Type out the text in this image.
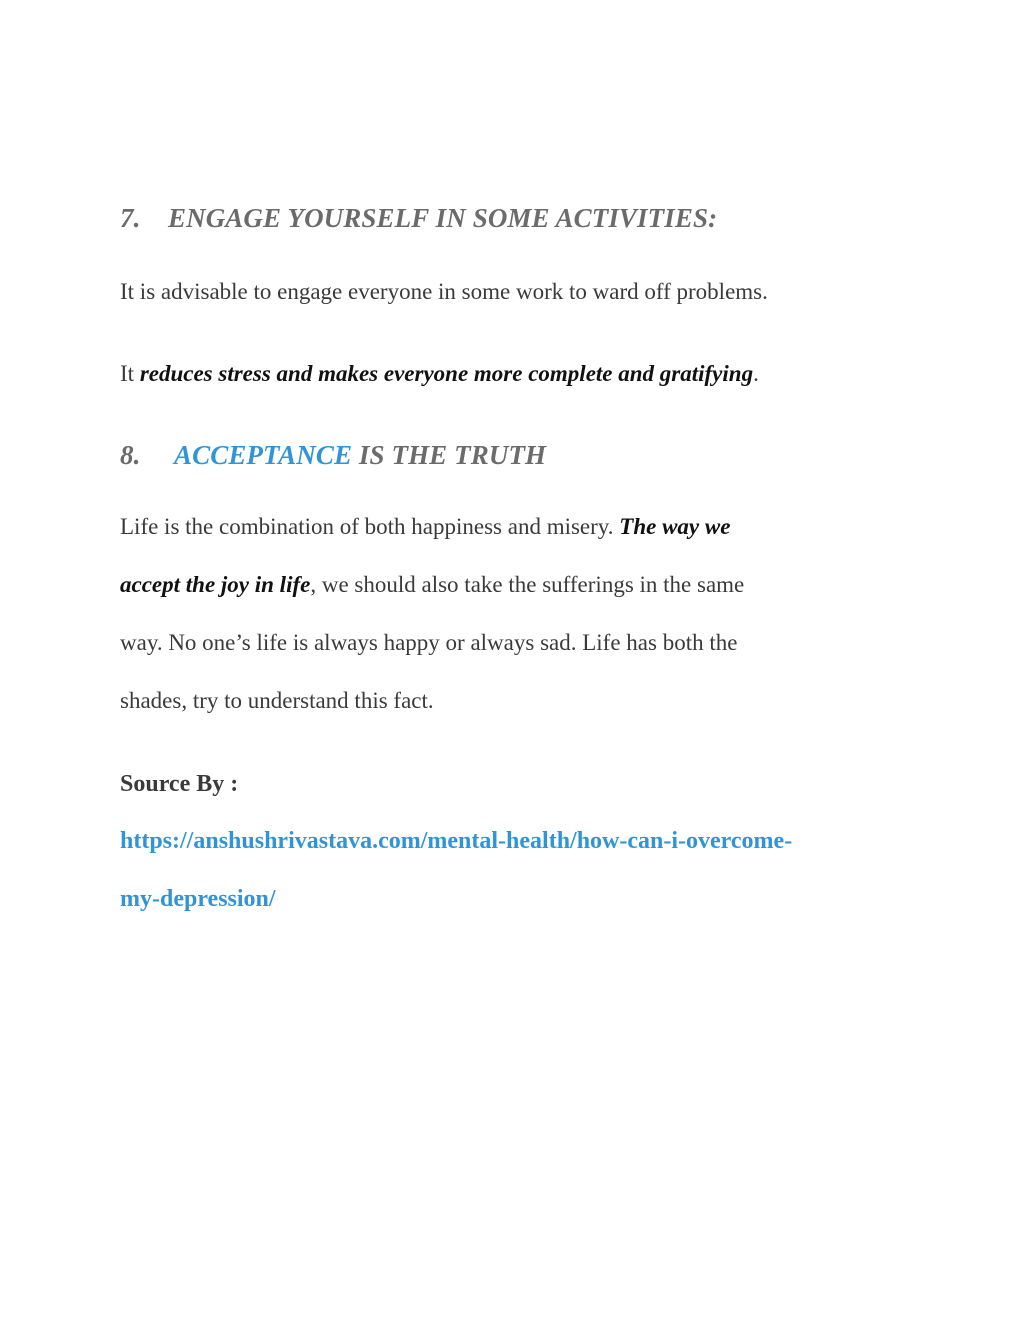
7. ENGAGE YOURSELF IN SOME ACTIVITIES:
It is advisable to engage everyone in some work to ward off problems.
It reduces stress and makes everyone more complete and gratifying.
8. ACCEPTANCE IS THE TRUTH
Life is the combination of both happiness and misery. The way we
accept the joy in life, we should also take the sufferings in the same
way. No one’s life is always happy or always sad. Life has both the
shades, try to understand this fact.
Source By :
https://anshushrivastava.com/mental-health/how-can-i-overcome-
my-depression/
